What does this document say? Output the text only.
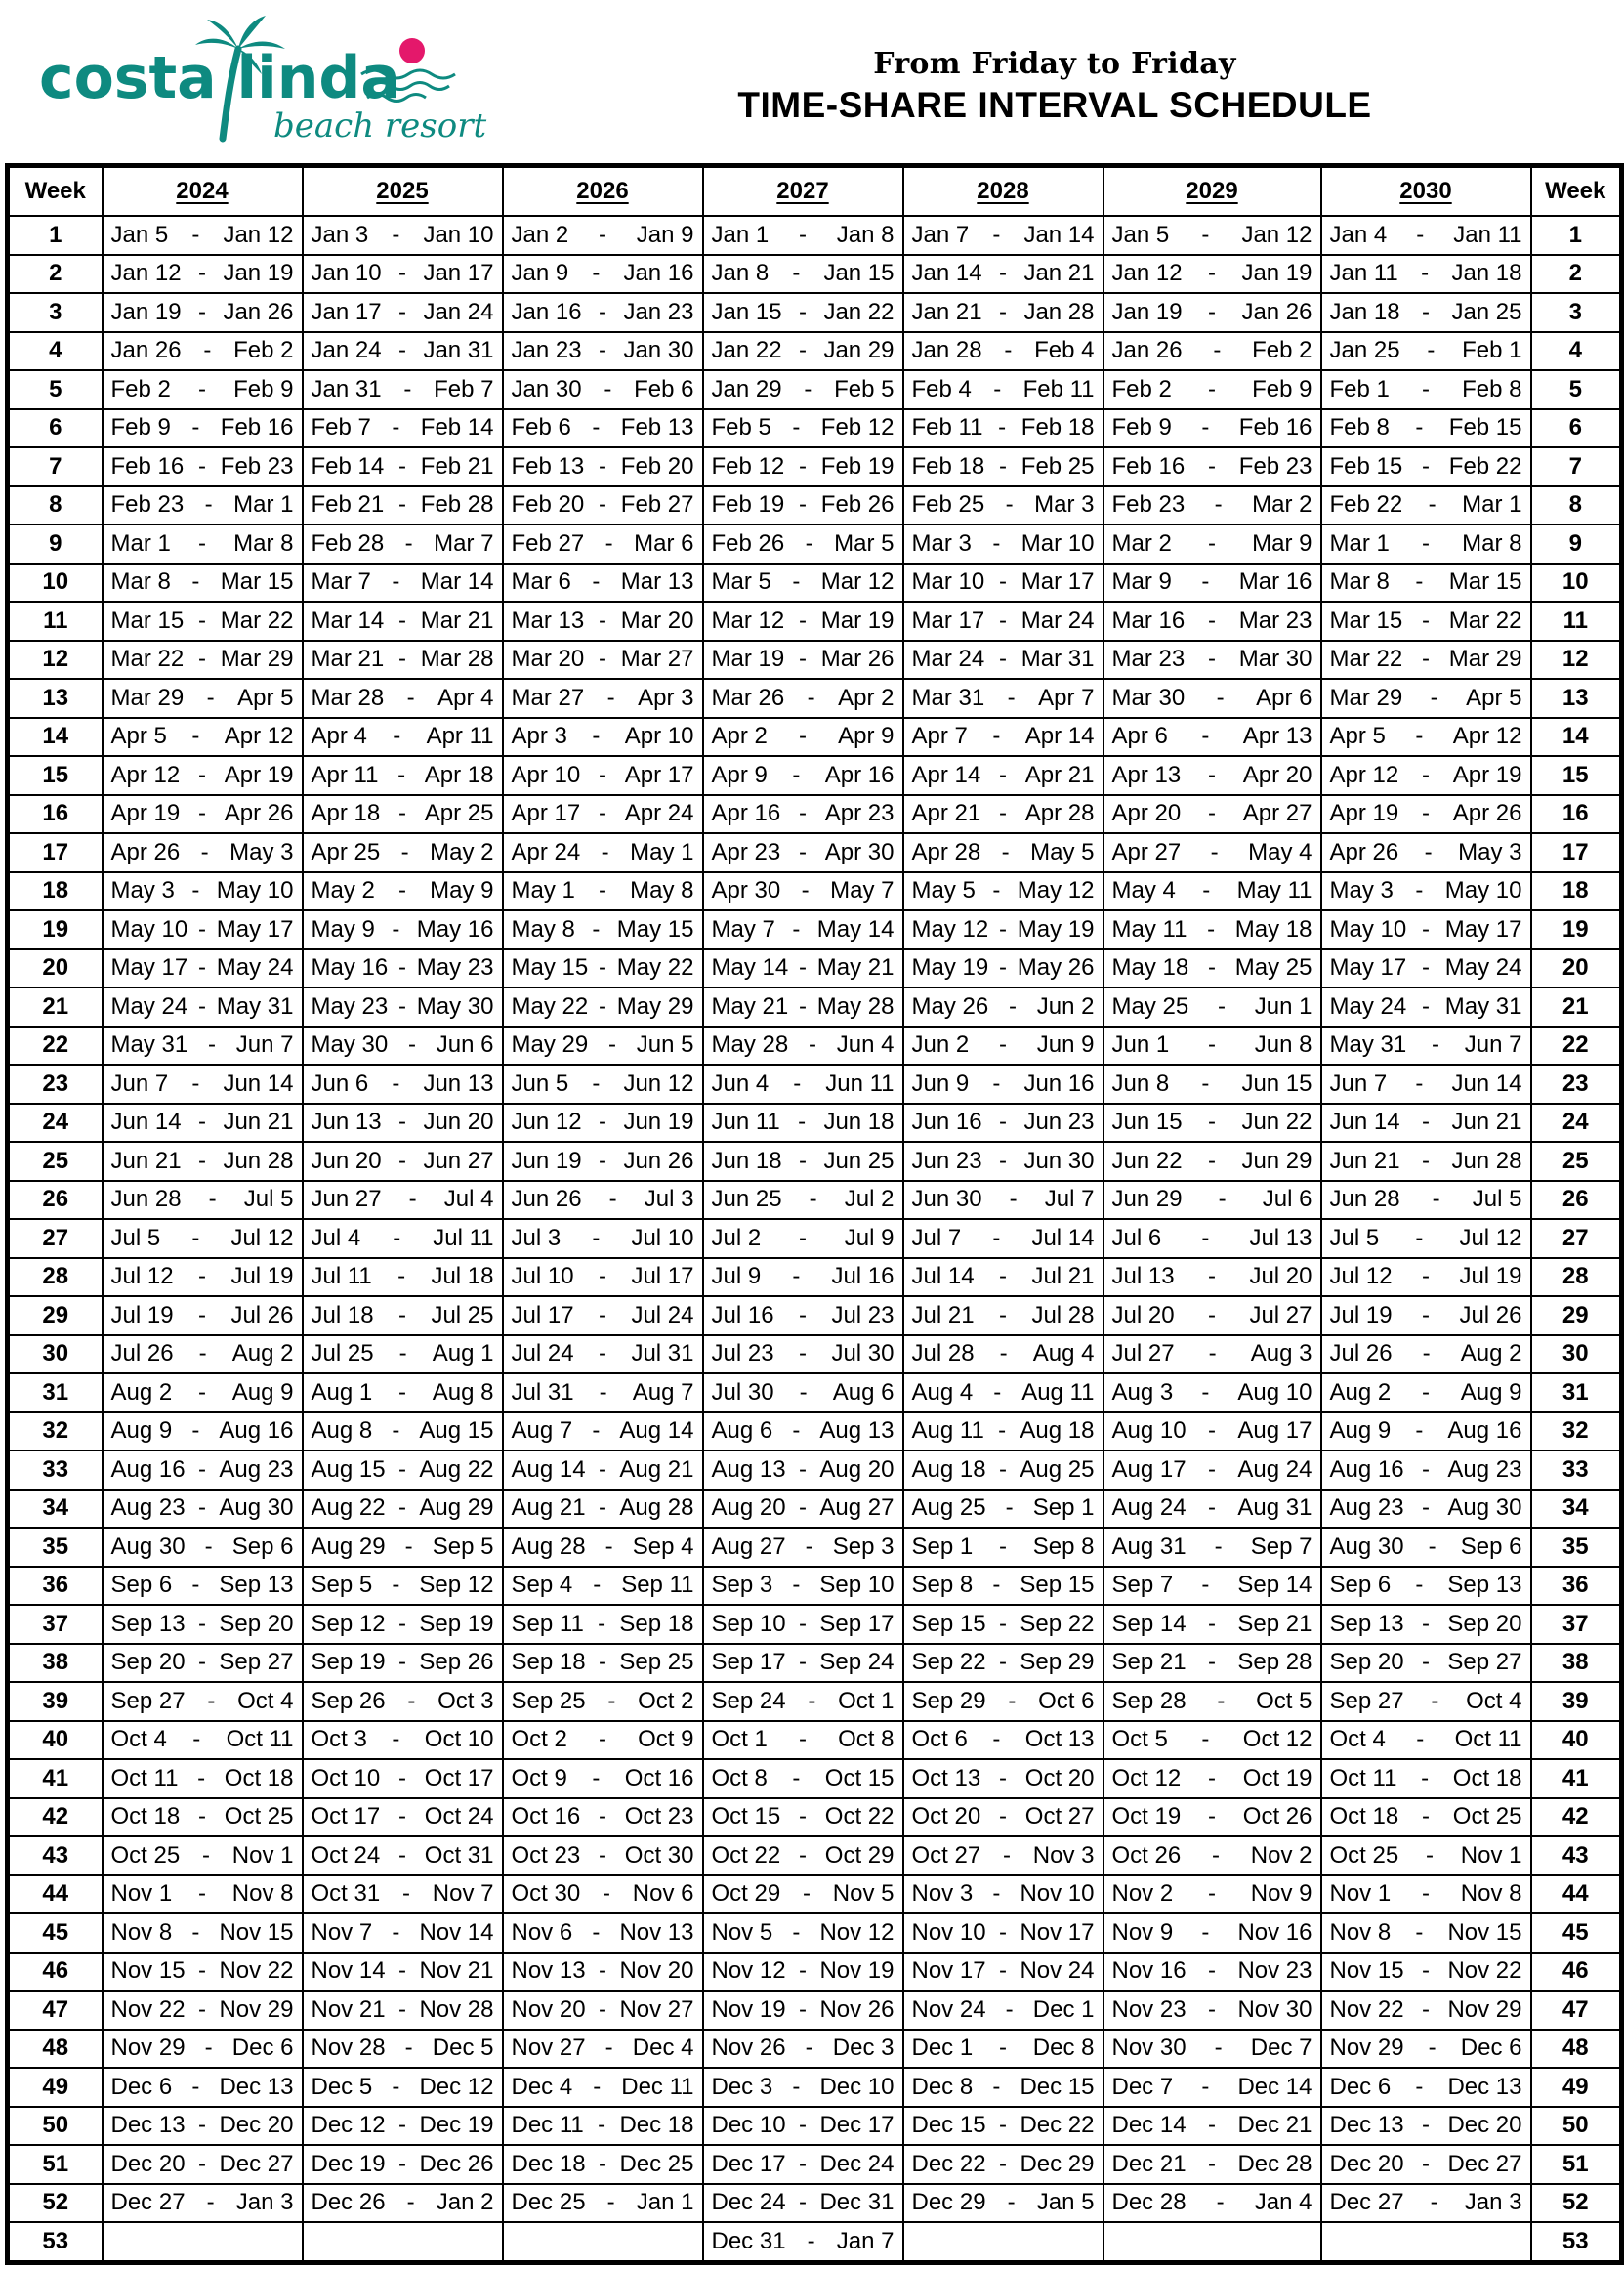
costa linda
beach resort
From Friday to Friday
TIME-SHARE INTERVAL SCHEDULE
Week	2024	2025	2026	2027	2028	2029	2030	Week
1	Jan 5 - Jan 12	Jan 3 - Jan 10	Jan 2 - Jan 9	Jan 1 - Jan 8	Jan 7 - Jan 14	Jan 5 - Jan 12	Jan 4 - Jan 11	1
2	Jan 12 - Jan 19	Jan 10 - Jan 17	Jan 9 - Jan 16	Jan 8 - Jan 15	Jan 14 - Jan 21	Jan 12 - Jan 19	Jan 11 - Jan 18	2
3	Jan 19 - Jan 26	Jan 17 - Jan 24	Jan 16 - Jan 23	Jan 15 - Jan 22	Jan 21 - Jan 28	Jan 19 - Jan 26	Jan 18 - Jan 25	3
4	Jan 26 - Feb 2	Jan 24 - Jan 31	Jan 23 - Jan 30	Jan 22 - Jan 29	Jan 28 - Feb 4	Jan 26 - Feb 2	Jan 25 - Feb 1	4
5	Feb 2 - Feb 9	Jan 31 - Feb 7	Jan 30 - Feb 6	Jan 29 - Feb 5	Feb 4 - Feb 11	Feb 2 - Feb 9	Feb 1 - Feb 8	5
6	Feb 9 - Feb 16	Feb 7 - Feb 14	Feb 6 - Feb 13	Feb 5 - Feb 12	Feb 11 - Feb 18	Feb 9 - Feb 16	Feb 8 - Feb 15	6
7	Feb 16 - Feb 23	Feb 14 - Feb 21	Feb 13 - Feb 20	Feb 12 - Feb 19	Feb 18 - Feb 25	Feb 16 - Feb 23	Feb 15 - Feb 22	7
8	Feb 23 - Mar 1	Feb 21 - Feb 28	Feb 20 - Feb 27	Feb 19 - Feb 26	Feb 25 - Mar 3	Feb 23 - Mar 2	Feb 22 - Mar 1	8
9	Mar 1 - Mar 8	Feb 28 - Mar 7	Feb 27 - Mar 6	Feb 26 - Mar 5	Mar 3 - Mar 10	Mar 2 - Mar 9	Mar 1 - Mar 8	9
10	Mar 8 - Mar 15	Mar 7 - Mar 14	Mar 6 - Mar 13	Mar 5 - Mar 12	Mar 10 - Mar 17	Mar 9 - Mar 16	Mar 8 - Mar 15	10
11	Mar 15 - Mar 22	Mar 14 - Mar 21	Mar 13 - Mar 20	Mar 12 - Mar 19	Mar 17 - Mar 24	Mar 16 - Mar 23	Mar 15 - Mar 22	11
12	Mar 22 - Mar 29	Mar 21 - Mar 28	Mar 20 - Mar 27	Mar 19 - Mar 26	Mar 24 - Mar 31	Mar 23 - Mar 30	Mar 22 - Mar 29	12
13	Mar 29 - Apr 5	Mar 28 - Apr 4	Mar 27 - Apr 3	Mar 26 - Apr 2	Mar 31 - Apr 7	Mar 30 - Apr 6	Mar 29 - Apr 5	13
14	Apr 5 - Apr 12	Apr 4 - Apr 11	Apr 3 - Apr 10	Apr 2 - Apr 9	Apr 7 - Apr 14	Apr 6 - Apr 13	Apr 5 - Apr 12	14
15	Apr 12 - Apr 19	Apr 11 - Apr 18	Apr 10 - Apr 17	Apr 9 - Apr 16	Apr 14 - Apr 21	Apr 13 - Apr 20	Apr 12 - Apr 19	15
16	Apr 19 - Apr 26	Apr 18 - Apr 25	Apr 17 - Apr 24	Apr 16 - Apr 23	Apr 21 - Apr 28	Apr 20 - Apr 27	Apr 19 - Apr 26	16
17	Apr 26 - May 3	Apr 25 - May 2	Apr 24 - May 1	Apr 23 - Apr 30	Apr 28 - May 5	Apr 27 - May 4	Apr 26 - May 3	17
18	May 3 - May 10	May 2 - May 9	May 1 - May 8	Apr 30 - May 7	May 5 - May 12	May 4 - May 11	May 3 - May 10	18
19	May 10 - May 17	May 9 - May 16	May 8 - May 15	May 7 - May 14	May 12 - May 19	May 11 - May 18	May 10 - May 17	19
20	May 17 - May 24	May 16 - May 23	May 15 - May 22	May 14 - May 21	May 19 - May 26	May 18 - May 25	May 17 - May 24	20
21	May 24 - May 31	May 23 - May 30	May 22 - May 29	May 21 - May 28	May 26 - Jun 2	May 25 - Jun 1	May 24 - May 31	21
22	May 31 - Jun 7	May 30 - Jun 6	May 29 - Jun 5	May 28 - Jun 4	Jun 2 - Jun 9	Jun 1 - Jun 8	May 31 - Jun 7	22
23	Jun 7 - Jun 14	Jun 6 - Jun 13	Jun 5 - Jun 12	Jun 4 - Jun 11	Jun 9 - Jun 16	Jun 8 - Jun 15	Jun 7 - Jun 14	23
24	Jun 14 - Jun 21	Jun 13 - Jun 20	Jun 12 - Jun 19	Jun 11 - Jun 18	Jun 16 - Jun 23	Jun 15 - Jun 22	Jun 14 - Jun 21	24
25	Jun 21 - Jun 28	Jun 20 - Jun 27	Jun 19 - Jun 26	Jun 18 - Jun 25	Jun 23 - Jun 30	Jun 22 - Jun 29	Jun 21 - Jun 28	25
26	Jun 28 - Jul 5	Jun 27 - Jul 4	Jun 26 - Jul 3	Jun 25 - Jul 2	Jun 30 - Jul 7	Jun 29 - Jul 6	Jun 28 - Jul 5	26
27	Jul 5 - Jul 12	Jul 4 - Jul 11	Jul 3 - Jul 10	Jul 2 - Jul 9	Jul 7 - Jul 14	Jul 6 - Jul 13	Jul 5 - Jul 12	27
28	Jul 12 - Jul 19	Jul 11 - Jul 18	Jul 10 - Jul 17	Jul 9 - Jul 16	Jul 14 - Jul 21	Jul 13 - Jul 20	Jul 12 - Jul 19	28
29	Jul 19 - Jul 26	Jul 18 - Jul 25	Jul 17 - Jul 24	Jul 16 - Jul 23	Jul 21 - Jul 28	Jul 20 - Jul 27	Jul 19 - Jul 26	29
30	Jul 26 - Aug 2	Jul 25 - Aug 1	Jul 24 - Jul 31	Jul 23 - Jul 30	Jul 28 - Aug 4	Jul 27 - Aug 3	Jul 26 - Aug 2	30
31	Aug 2 - Aug 9	Aug 1 - Aug 8	Jul 31 - Aug 7	Jul 30 - Aug 6	Aug 4 - Aug 11	Aug 3 - Aug 10	Aug 2 - Aug 9	31
32	Aug 9 - Aug 16	Aug 8 - Aug 15	Aug 7 - Aug 14	Aug 6 - Aug 13	Aug 11 - Aug 18	Aug 10 - Aug 17	Aug 9 - Aug 16	32
33	Aug 16 - Aug 23	Aug 15 - Aug 22	Aug 14 - Aug 21	Aug 13 - Aug 20	Aug 18 - Aug 25	Aug 17 - Aug 24	Aug 16 - Aug 23	33
34	Aug 23 - Aug 30	Aug 22 - Aug 29	Aug 21 - Aug 28	Aug 20 - Aug 27	Aug 25 - Sep 1	Aug 24 - Aug 31	Aug 23 - Aug 30	34
35	Aug 30 - Sep 6	Aug 29 - Sep 5	Aug 28 - Sep 4	Aug 27 - Sep 3	Sep 1 - Sep 8	Aug 31 - Sep 7	Aug 30 - Sep 6	35
36	Sep 6 - Sep 13	Sep 5 - Sep 12	Sep 4 - Sep 11	Sep 3 - Sep 10	Sep 8 - Sep 15	Sep 7 - Sep 14	Sep 6 - Sep 13	36
37	Sep 13 - Sep 20	Sep 12 - Sep 19	Sep 11 - Sep 18	Sep 10 - Sep 17	Sep 15 - Sep 22	Sep 14 - Sep 21	Sep 13 - Sep 20	37
38	Sep 20 - Sep 27	Sep 19 - Sep 26	Sep 18 - Sep 25	Sep 17 - Sep 24	Sep 22 - Sep 29	Sep 21 - Sep 28	Sep 20 - Sep 27	38
39	Sep 27 - Oct 4	Sep 26 - Oct 3	Sep 25 - Oct 2	Sep 24 - Oct 1	Sep 29 - Oct 6	Sep 28 - Oct 5	Sep 27 - Oct 4	39
40	Oct 4 - Oct 11	Oct 3 - Oct 10	Oct 2 - Oct 9	Oct 1 - Oct 8	Oct 6 - Oct 13	Oct 5 - Oct 12	Oct 4 - Oct 11	40
41	Oct 11 - Oct 18	Oct 10 - Oct 17	Oct 9 - Oct 16	Oct 8 - Oct 15	Oct 13 - Oct 20	Oct 12 - Oct 19	Oct 11 - Oct 18	41
42	Oct 18 - Oct 25	Oct 17 - Oct 24	Oct 16 - Oct 23	Oct 15 - Oct 22	Oct 20 - Oct 27	Oct 19 - Oct 26	Oct 18 - Oct 25	42
43	Oct 25 - Nov 1	Oct 24 - Oct 31	Oct 23 - Oct 30	Oct 22 - Oct 29	Oct 27 - Nov 3	Oct 26 - Nov 2	Oct 25 - Nov 1	43
44	Nov 1 - Nov 8	Oct 31 - Nov 7	Oct 30 - Nov 6	Oct 29 - Nov 5	Nov 3 - Nov 10	Nov 2 - Nov 9	Nov 1 - Nov 8	44
45	Nov 8 - Nov 15	Nov 7 - Nov 14	Nov 6 - Nov 13	Nov 5 - Nov 12	Nov 10 - Nov 17	Nov 9 - Nov 16	Nov 8 - Nov 15	45
46	Nov 15 - Nov 22	Nov 14 - Nov 21	Nov 13 - Nov 20	Nov 12 - Nov 19	Nov 17 - Nov 24	Nov 16 - Nov 23	Nov 15 - Nov 22	46
47	Nov 22 - Nov 29	Nov 21 - Nov 28	Nov 20 - Nov 27	Nov 19 - Nov 26	Nov 24 - Dec 1	Nov 23 - Nov 30	Nov 22 - Nov 29	47
48	Nov 29 - Dec 6	Nov 28 - Dec 5	Nov 27 - Dec 4	Nov 26 - Dec 3	Dec 1 - Dec 8	Nov 30 - Dec 7	Nov 29 - Dec 6	48
49	Dec 6 - Dec 13	Dec 5 - Dec 12	Dec 4 - Dec 11	Dec 3 - Dec 10	Dec 8 - Dec 15	Dec 7 - Dec 14	Dec 6 - Dec 13	49
50	Dec 13 - Dec 20	Dec 12 - Dec 19	Dec 11 - Dec 18	Dec 10 - Dec 17	Dec 15 - Dec 22	Dec 14 - Dec 21	Dec 13 - Dec 20	50
51	Dec 20 - Dec 27	Dec 19 - Dec 26	Dec 18 - Dec 25	Dec 17 - Dec 24	Dec 22 - Dec 29	Dec 21 - Dec 28	Dec 20 - Dec 27	51
52	Dec 27 - Jan 3	Dec 26 - Jan 2	Dec 25 - Jan 1	Dec 24 - Dec 31	Dec 29 - Jan 5	Dec 28 - Jan 4	Dec 27 - Jan 3	52
53				Dec 31 - Jan 7				53
